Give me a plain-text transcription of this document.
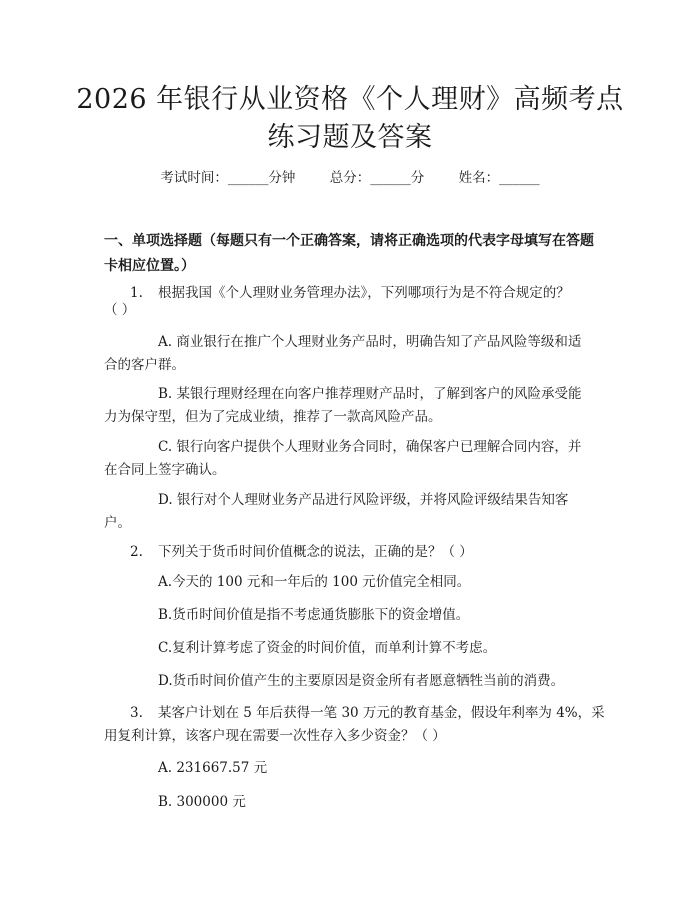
2026 年银行从业资格《个人理财》高频考点
练习题及答案
考试时间：______分钟	总分：______分	姓名：______
一、单项选择题（每题只有一个正确答案，请将正确选项的代表字母填写在答题
卡相应位置。）
1. 根据我国《个人理财业务管理办法》，下列哪项行为是不符合规定的？
（ ）
A. 商业银行在推广个人理财业务产品时，明确告知了产品风险等级和适
合的客户群。
B. 某银行理财经理在向客户推荐理财产品时，了解到客户的风险承受能
力为保守型，但为了完成业绩，推荐了一款高风险产品。
C. 银行向客户提供个人理财业务合同时，确保客户已理解合同内容，并
在合同上签字确认。
D. 银行对个人理财业务产品进行风险评级，并将风险评级结果告知客
户。
2. 下列关于货币时间价值概念的说法，正确的是？（ ）
A.今天的 100 元和一年后的 100 元价值完全相同。
B.货币时间价值是指不考虑通货膨胀下的资金增值。
C.复利计算考虑了资金的时间价值，而单利计算不考虑。
D.货币时间价值产生的主要原因是资金所有者愿意牺牲当前的消费。
3. 某客户计划在 5 年后获得一笔 30 万元的教育基金，假设年利率为 4%，采
用复利计算，该客户现在需要一次性存入多少资金？（ ）
A. 231667.57 元
B. 300000 元
